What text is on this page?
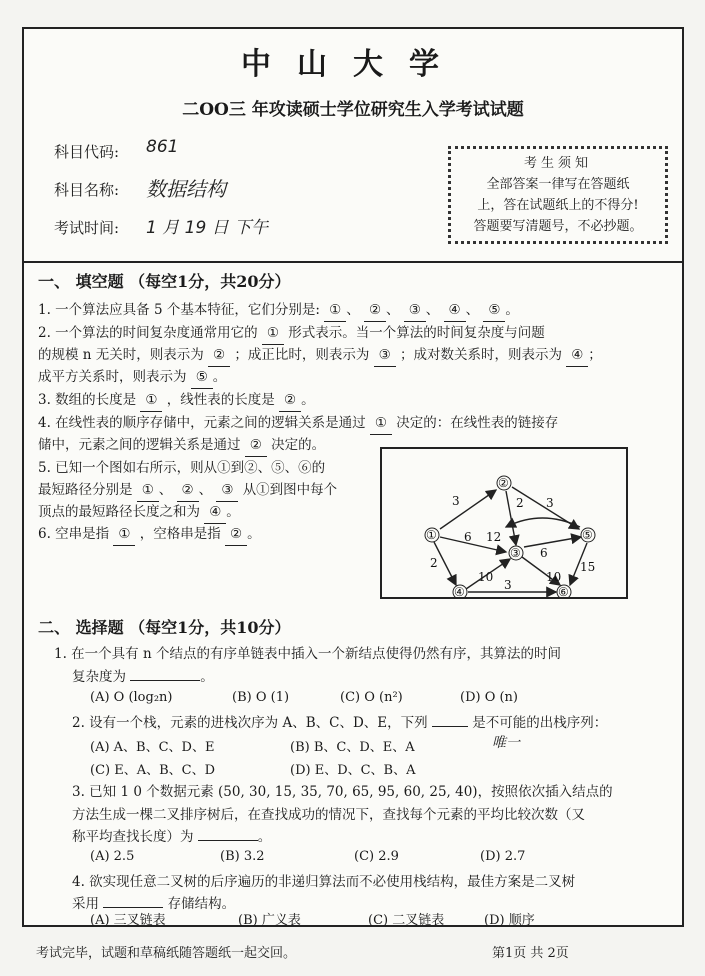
中山大学
二OO三 年攻读硕士学位研究生入学考试试题
科目代码: 861
科目名称: 数据结构
考试时间: 1 月 19 日 下午
考生须知
全部答案一律写在答题纸
上，答在试题纸上的不得分!
答题要写清题号，不必抄题。
一、 填空题 （每空1分，共20分）
1. 一个算法应具备 5 个基本特征，它们分别是: ① 、 ② 、 ③ 、 ④ 、 ⑤ 。
2. 一个算法的时间复杂度通常用它的 ① 形式表示。当一个算法的时间复杂度与问题
的规模 n 无关时，则表示为 ② ；成正比时，则表示为 ③ ；成对数关系时，则表示为 ④ ；
成平方关系时，则表示为 ⑤ 。
3. 数组的长度是 ① ，线性表的长度是 ② 。
4. 在线性表的顺序存储中，元素之间的逻辑关系是通过 ① 决定的：在线性表的链接存
储中，元素之间的逻辑关系是通过 ② 决定的。
5. 已知一个图如右所示，则从①到②、⑤、⑥的
最短路径分别是 ① 、 ② 、 ③ 从①到图中每个
顶点的最短路径长度之和为 ④ 。
6. 空串是指 ① ，空格串是指 ② 。	①
②
③
④
⑤
⑥
3
6 12
2
3
6
2
10	10
3
15
二、 选择题 （每空1分，共10分）
1. 在一个具有 n 个结点的有序单链表中插入一个新结点使得仍然有序，其算法的时间
复杂度为	。
(A) O (log₂n)	(B) O (1)	(C) O (n²)	(D) O (n)
2. 设有一个栈，元素的进栈次序为 A、B、C、D、E，下列	是不可能的出栈序列：
唯一
(A) A、B、C、D、E	(B) B、C、D、E、A
(C) E、A、B、C、D	(D) E、D、C、B、A
3. 已知 1 0 个数据元素 (50, 30, 15, 35, 70, 65, 95, 60, 25, 40)，按照依次插入结点的
方法生成一棵二叉排序树后，在查找成功的情况下，查找每个元素的平均比较次数（又
称平均查找长度）为	。
(A) 2.5	(B) 3.2	(C) 2.9	(D) 2.7
4. 欲实现任意二叉树的后序遍历的非递归算法而不必使用栈结构，最佳方案是二叉树
采用	存储结构。
(A) 三叉链表	(B) 广义表	(C) 二叉链表	(D) 顺序
考试完毕，试题和草稿纸随答题纸一起交回。	第1页 共 2页
